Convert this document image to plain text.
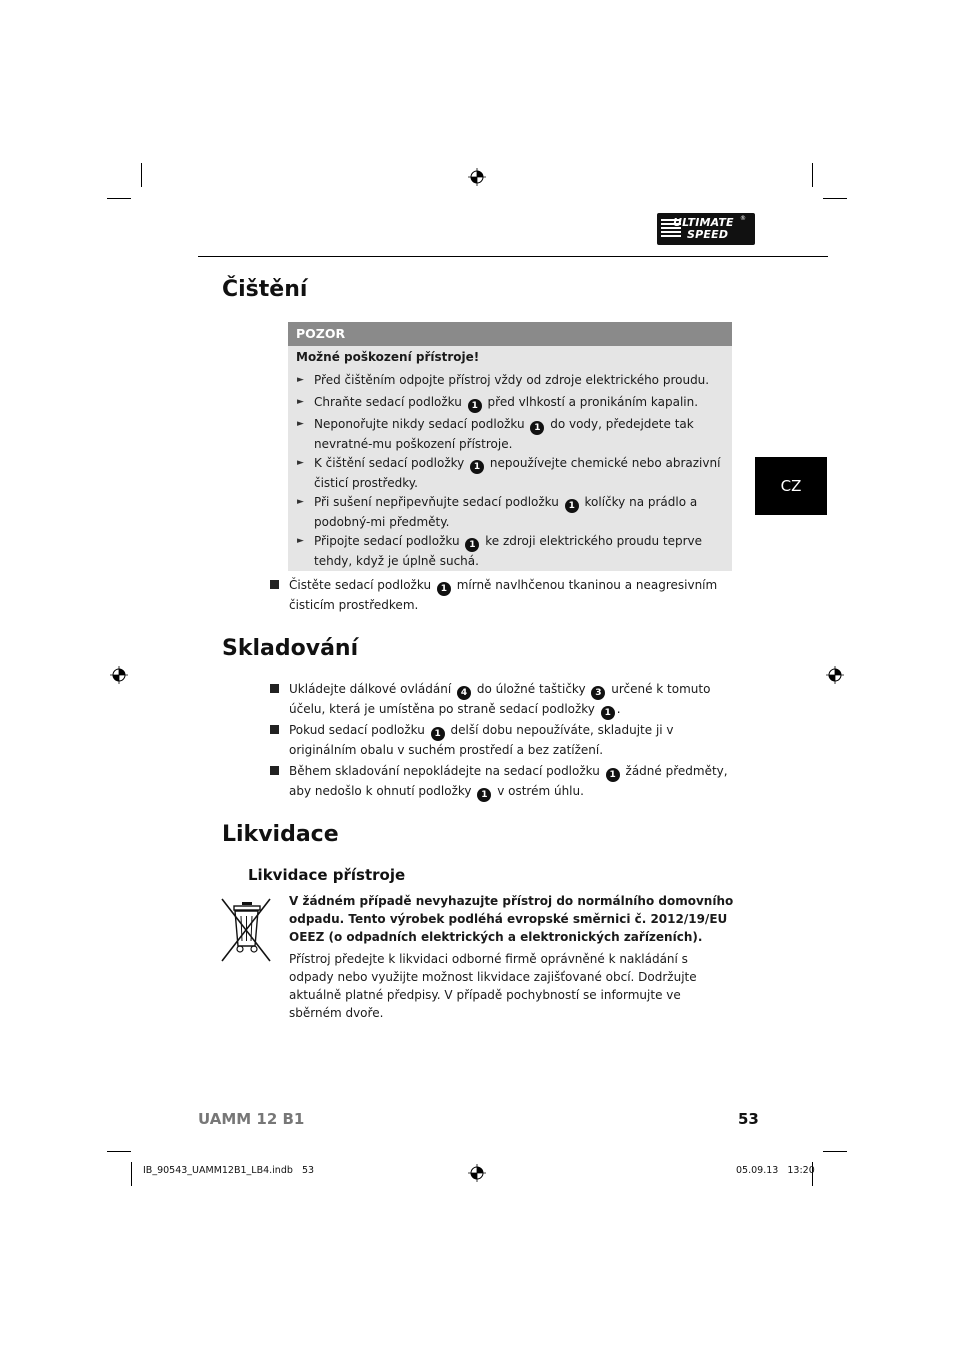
ULTIMATE
SPEED
®
CZ
Čištění
POZOR
Možné poškození přístroje!
► Před čištěním odpojte přístroj vždy od zdroje elektrického proudu.
► Chraňte sedací podložku 1 před vlhkostí a pronikáním kapalin.
► Neponořujte nikdy sedací podložku 1 do vody, předejdete tak nevratné-mu poškození přístroje.
► K čištění sedací podložky 1 nepoužívejte chemické nebo abrazivní čisticí prostředky.
► Při sušení nepřipevňujte sedací podložku 1 kolíčky na prádlo a podobný-mi předměty.
► Připojte sedací podložku 1 ke zdroji elektrického proudu teprve tehdy, když je úplně suchá.
Čistěte sedací podložku 1 mírně navlhčenou tkaninou a neagresivním čisticím prostředkem.
Skladování
Ukládejte dálkové ovládání 4 do úložné taštičky 3 určené k tomuto účelu, která je umístěna po straně sedací podložky 1 .
Pokud sedací podložku 1 delší dobu nepoužíváte, skladujte ji v originálním obalu v suchém prostředí a bez zatížení.
Během skladování nepokládejte na sedací podložku 1 žádné předměty, aby nedošlo k ohnutí podložky 1 v ostrém úhlu.
Likvidace
Likvidace přístroje
V žádném případě nevyhazujte přístroj do normálního domovního odpadu. Tento výrobek podléhá evropské směrnici č. 2012/19/EU OEEZ (o odpadních elektrických a elektronických zařízeních).
Přístroj předejte k likvidaci odborné firmě oprávněné k nakládání s odpady nebo využijte možnost likvidace zajišťované obcí. Dodržujte aktuálně platné předpisy. V případě pochybností se informujte ve sběrném dvoře.
UAMM 12 B1	53
IB_90543_UAMM12B1_LB4.indb   53	05.09.13   13:20
